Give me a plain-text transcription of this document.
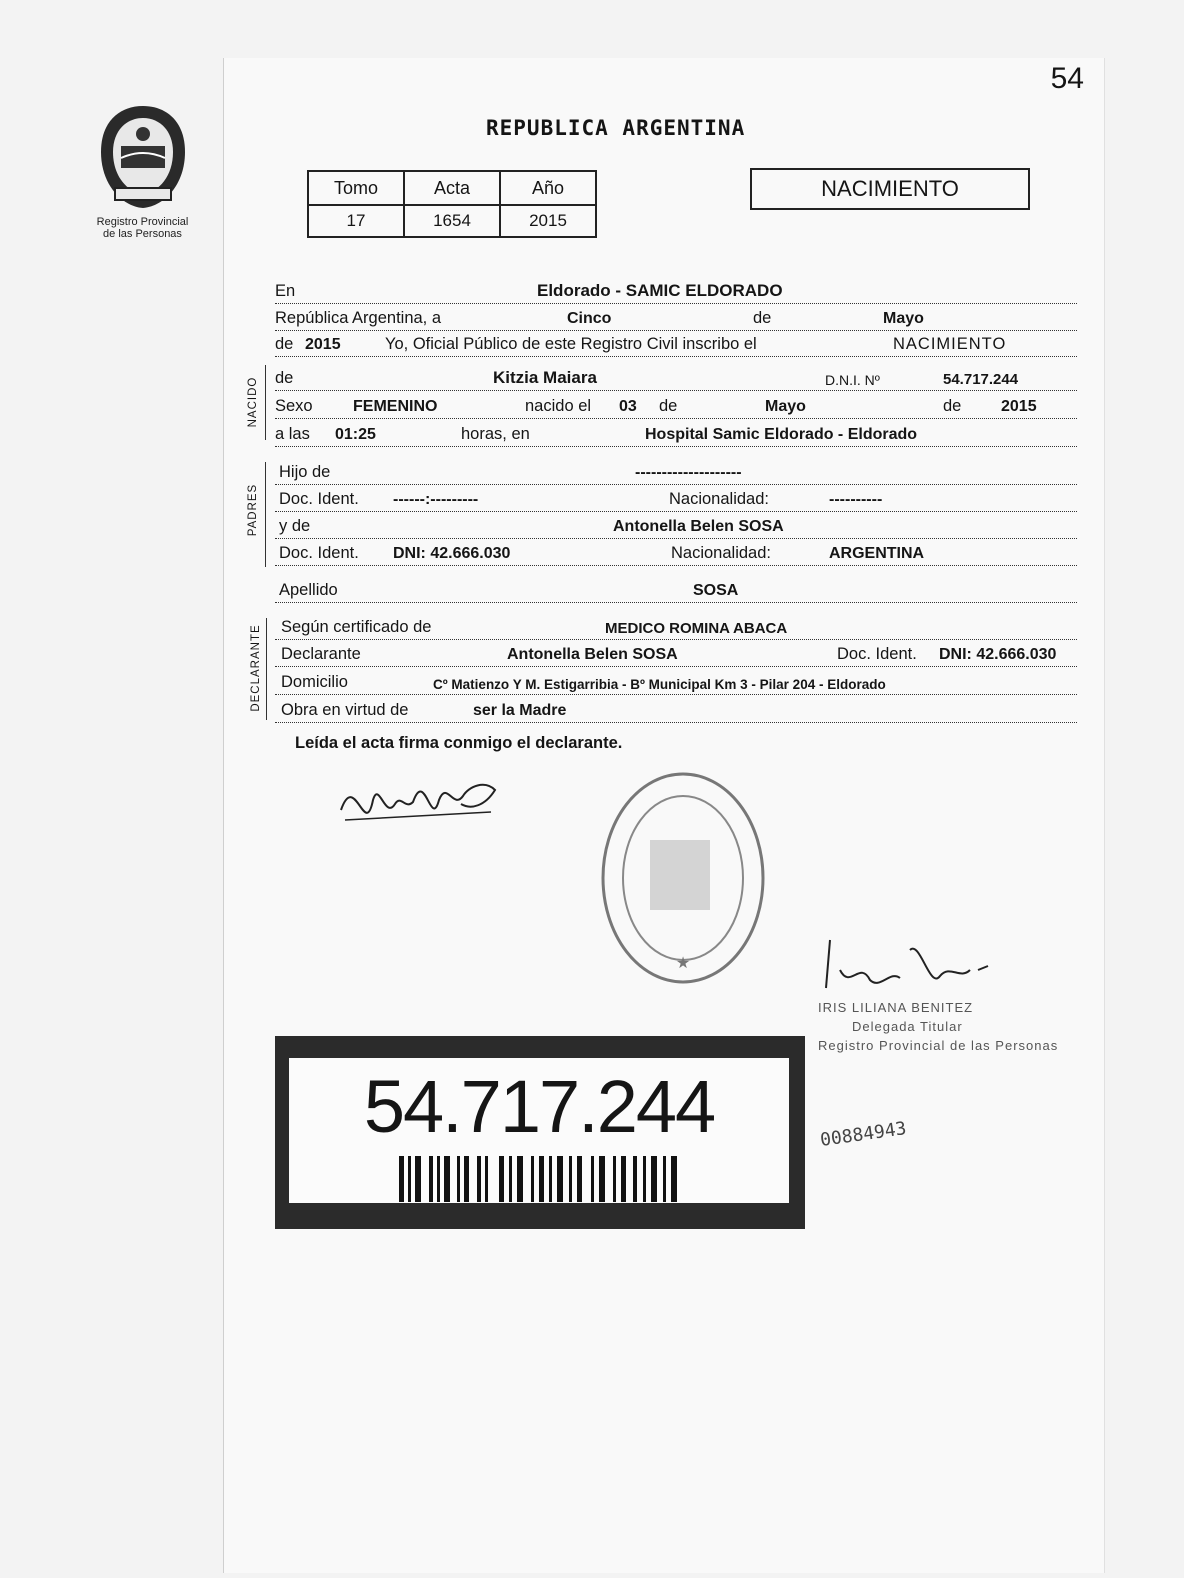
54
Registro Provincial
de las Personas
REPUBLICA ARGENTINA
Tomo	Acta	Año
17	1654	2015
NACIMIENTO
En	Eldorado - SAMIC ELDORADO
República Argentina, a	Cinco	de	Mayo
de 2015	Yo, Oficial Público de este Registro Civil inscribo el	NACIMIENTO
NACIDO de	Kitzia Maiara	D.N.I. Nº	54.717.244
Sexo	FEMENINO	nacido el 03 de	Mayo	de 2015
a las 01:25	horas, en	Hospital Samic Eldorado - Eldorado
PADRES
Hijo de	--------------------
Doc. Ident. ------:---------	Nacionalidad:	----------
y de	Antonella Belen SOSA
Doc. Ident. DNI: 42.666.030	Nacionalidad:	ARGENTINA
Apellido	SOSA
DECLARANTE Según certificado de	MEDICO ROMINA ABACA
Declarante	Antonella Belen SOSA	Doc. Ident. DNI: 42.666.030
Domicilio	Cº Matienzo Y M. Estigarribia - Bº Municipal Km 3 - Pilar 204 - Eldorado
Obra en virtud de	ser la Madre
Leída el acta firma conmigo el declarante.
★
IRIS LILIANA BENITEZ
Delegada Titular
Registro Provincial de las Personas
54.717.244	00884943
